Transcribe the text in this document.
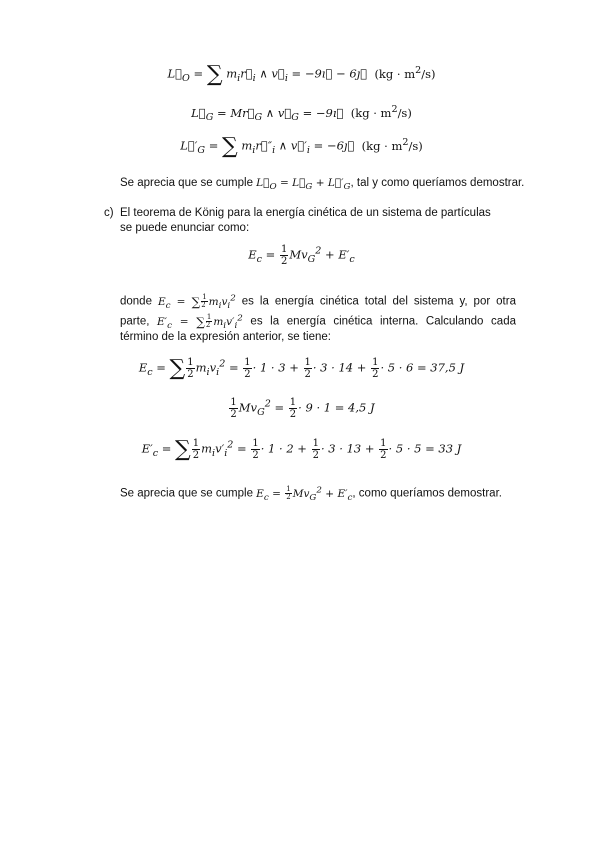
$L⃗_O$ = ∑ $m_ir⃗_i$ ∧ $v⃗_i$ = −9ı⃗ − 6ȷ⃗  $(kg \cdot m^2/s)$
$L⃗_G$ = $Mr⃗_G$ ∧ $v⃗_G$ = −9ı⃗  $(kg \cdot m^2/s)$
$L⃗'_G$ = ∑ $m_ir⃗''_i$ ∧ $v⃗'_i$ = −6ȷ⃗  $(kg \cdot m^2/s)$
Se aprecia que se cumple $L⃗_O$ = $L⃗_G$ + $L⃗'_G$, tal y como queríamos demostrar.
c) El teorema de König para la energía cinética de un sistema de partículas
se puede enunciar como:
$E_c = \frac{1}{2} Mv_G^2 + E'_c$
donde $E_c$ = ∑ $\frac{1}{2} m_iv_i^2$ es la energía cinética total del sistema y, por otra
parte, $E'_c$ = ∑ $\frac{1}{2} m_iv'_i^2$ es la energía cinética interna. Calculando cada
término de la expresión anterior, se tiene:
$E_c$ = ∑ $\frac{1}{2} m_iv_i^2 = \frac{1}{2} \cdot 1 \cdot 3 + \frac{1}{2} \cdot 3 \cdot 14 + \frac{1}{2} \cdot 5 \cdot 6 = 37,5$ J
$\frac{1}{2} Mv_G^2 = \frac{1}{2} \cdot 9 \cdot 1 = 4,5$ J
$E'_c$ = ∑ $\frac{1}{2} m_iv'_i^2 = \frac{1}{2} \cdot 1 \cdot 2 + \frac{1}{2} \cdot 3 \cdot 13 + \frac{1}{2} \cdot 5 \cdot 5 = 33$ J
Se aprecia que se cumple $E_c = \frac{1}{2} Mv_G^2 + E'_c$, como queríamos demostrar.
